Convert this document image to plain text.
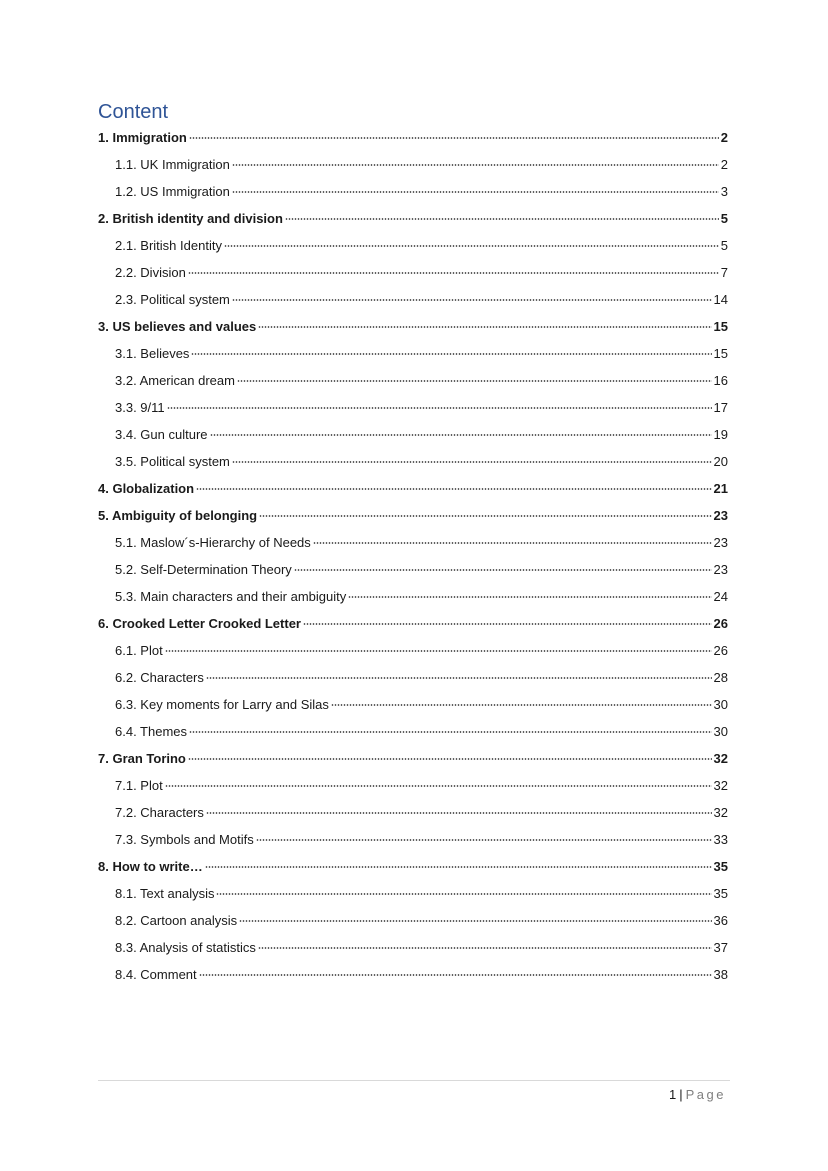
Content
1. Immigration	2
1.1. UK Immigration	2
1.2. US Immigration	3
2. British identity and division	5
2.1. British Identity	5
2.2. Division	7
2.3. Political system	14
3. US believes and values	15
3.1. Believes	15
3.2. American dream	16
3.3. 9/11	17
3.4. Gun culture	19
3.5. Political system	20
4. Globalization	21
5. Ambiguity of belonging	23
5.1. Maslow´s-Hierarchy of Needs	23
5.2. Self-Determination Theory	23
5.3. Main characters and their ambiguity	24
6. Crooked Letter Crooked Letter	26
6.1. Plot	26
6.2. Characters	28
6.3. Key moments for Larry and Silas	30
6.4. Themes	30
7. Gran Torino	32
7.1. Plot	32
7.2. Characters	32
7.3. Symbols and Motifs	33
8. How to write…	35
8.1. Text analysis	35
8.2. Cartoon analysis	36
8.3. Analysis of statistics	37
8.4. Comment	38
1 | Page
